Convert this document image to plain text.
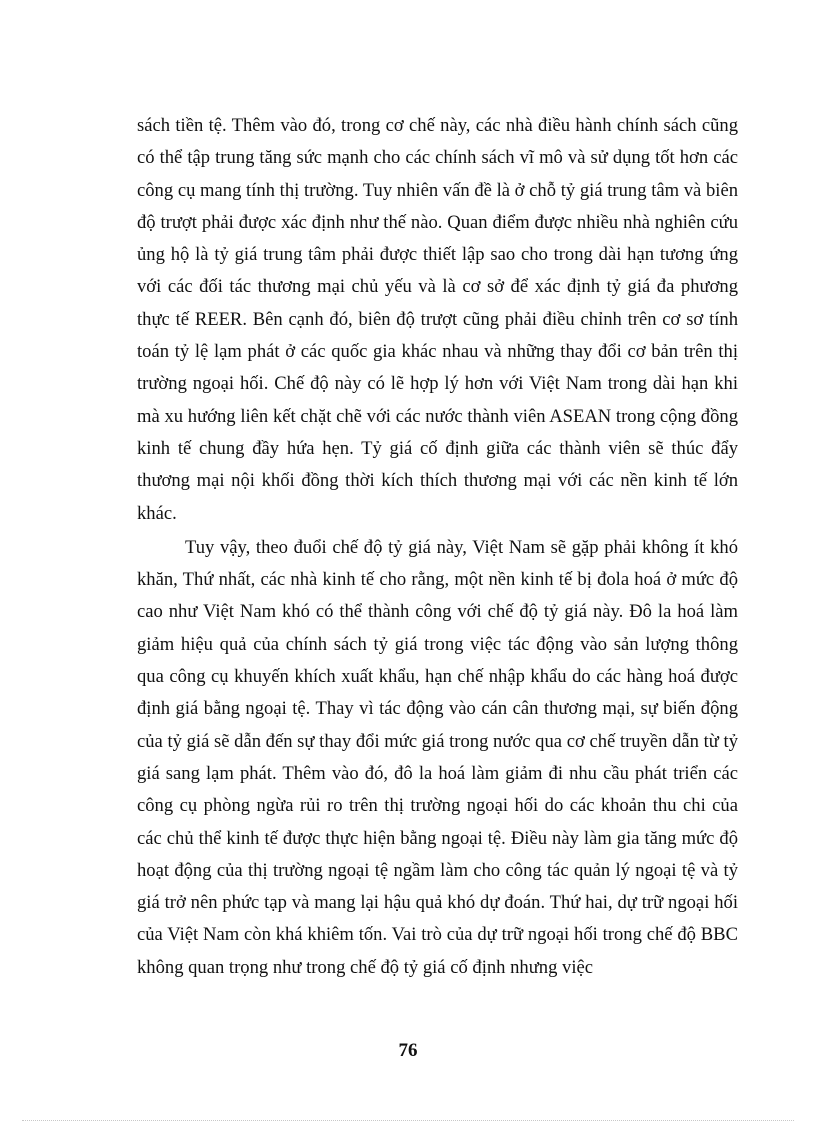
sách tiền tệ. Thêm vào đó, trong cơ chế này, các nhà điều hành chính sách cũng có thể tập trung tăng sức mạnh cho các chính sách vĩ mô và sử dụng tốt hơn các công cụ mang tính thị trường. Tuy nhiên vấn đề là ở chỗ tỷ giá trung tâm và biên độ trượt phải được xác định như thế nào. Quan điểm được nhiều nhà nghiên cứu ủng hộ là tỷ giá trung tâm phải được thiết lập sao cho trong dài hạn tương ứng với các đối tác thương mại chủ yếu và là cơ sở để xác định tỷ giá đa phương thực tế REER. Bên cạnh đó, biên độ trượt cũng phải điều chỉnh trên cơ sơ tính toán tỷ lệ lạm phát ở các quốc gia khác nhau và những thay đổi cơ bản trên thị trường ngoại hối. Chế độ này có lẽ hợp lý hơn với Việt Nam trong dài hạn khi mà xu hướng liên kết chặt chẽ với các nước thành viên ASEAN trong cộng đồng kinh tế chung đầy hứa hẹn. Tỷ giá cố định giữa các thành viên sẽ thúc đẩy thương mại nội khối đồng thời kích thích thương mại với các nền kinh tế lớn khác.

Tuy vậy, theo đuổi chế độ tỷ giá này, Việt Nam sẽ gặp phải không ít khó khăn, Thứ nhất, các nhà kinh tế cho rằng, một nền kinh tế bị đola hoá ở mức độ cao như Việt Nam khó có thể thành công với chế độ tỷ giá này. Đô la hoá làm giảm hiệu quả của chính sách tỷ giá trong việc tác động vào sản lượng thông qua công cụ khuyến khích xuất khẩu, hạn chế nhập khẩu do các hàng hoá được định giá bằng ngoại tệ. Thay vì tác động vào cán cân thương mại, sự biến động của tỷ giá sẽ dẫn đến sự thay đổi mức giá trong nước qua cơ chế truyền dẫn từ tỷ giá sang lạm phát. Thêm vào đó, đô la hoá làm giảm đi nhu cầu phát triển các công cụ phòng ngừa rủi ro trên thị trường ngoại hối do các khoản thu chi của các chủ thể kinh tế được thực hiện bằng ngoại tệ. Điều này làm gia tăng mức độ hoạt động của thị trường ngoại tệ ngầm làm cho công tác quản lý ngoại tệ và tỷ giá trở nên phức tạp và mang lại hậu quả khó dự đoán. Thứ hai, dự trữ ngoại hối của Việt Nam còn khá khiêm tốn. Vai trò của dự trữ ngoại hối trong chế độ BBC không quan trọng như trong chế độ tỷ giá cố định nhưng việc

76
